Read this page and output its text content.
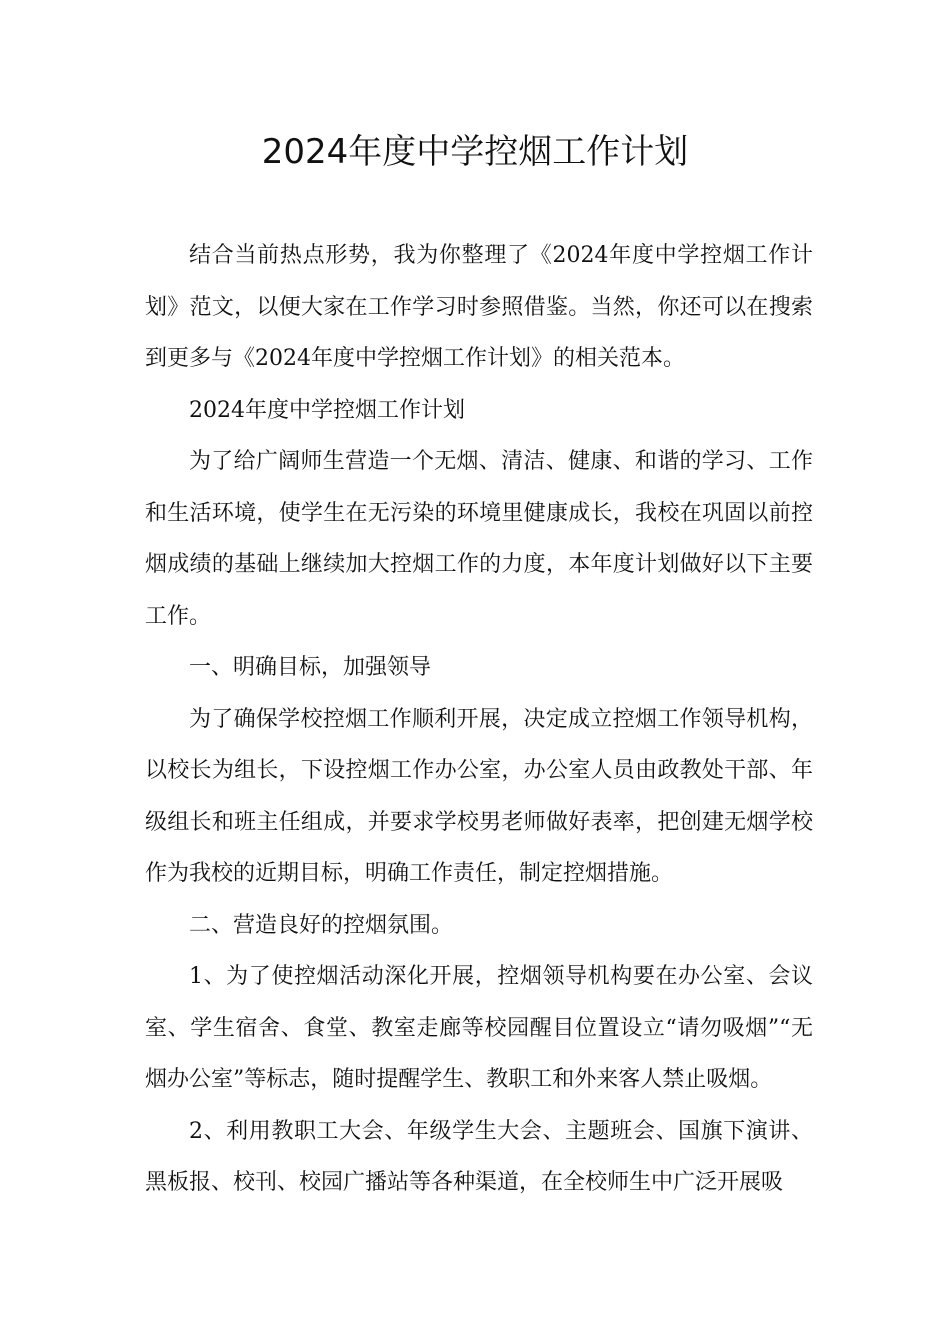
2024年度中学控烟工作计划

结合当前热点形势，我为你整理了《2024年度中学控烟工作计划》范文，以便大家在工作学习时参照借鉴。当然，你还可以在搜索到更多与《2024年度中学控烟工作计划》的相关范本。

2024年度中学控烟工作计划

为了给广阔师生营造一个无烟、清洁、健康、和谐的学习、工作和生活环境，使学生在无污染的环境里健康成长，我校在巩固以前控烟成绩的基础上继续加大控烟工作的力度，本年度计划做好以下主要工作。

一、明确目标，加强领导

为了确保学校控烟工作顺利开展，决定成立控烟工作领导机构，以校长为组长，下设控烟工作办公室，办公室人员由政教处干部、年级组长和班主任组成，并要求学校男老师做好表率，把创建无烟学校作为我校的近期目标，明确工作责任，制定控烟措施。

二、营造良好的控烟氛围。

1、为了使控烟活动深化开展，控烟领导机构要在办公室、会议室、学生宿舍、食堂、教室走廊等校园醒目位置设立“请勿吸烟”“无烟办公室”等标志，随时提醒学生、教职工和外来客人禁止吸烟。

2、利用教职工大会、年级学生大会、主题班会、国旗下演讲、黑板报、校刊、校园广播站等各种渠道，在全校师生中广泛开展吸
